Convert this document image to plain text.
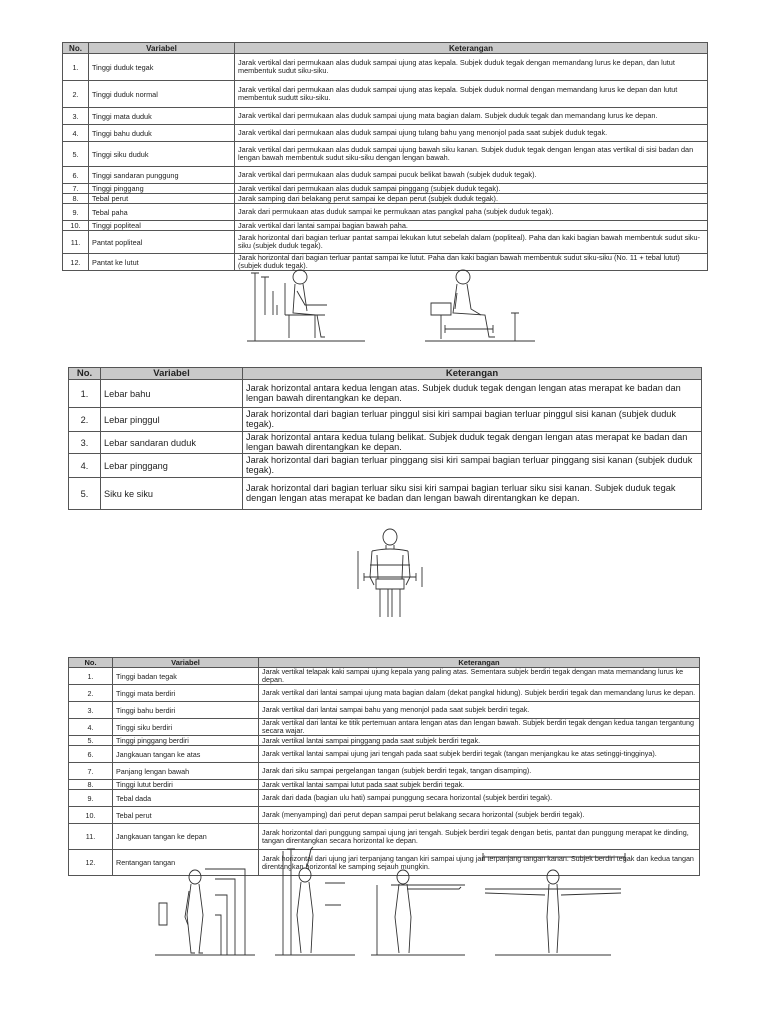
No.	Variabel	Keterangan
1.	Tinggi duduk tegak	Jarak vertikal dari permukaan alas duduk sampai ujung atas kepala. Subjek duduk tegak dengan memandang lurus ke depan, dan lutut membentuk sudut siku-siku.
2.	Tinggi duduk normal	Jarak vertikal dari permukaan alas duduk sampai ujung atas kepala. Subjek duduk normal dengan memandang lurus ke depan dan lutut membentuk sudutt siku-siku.
3.	Tinggi mata duduk	Jarak vertikal dari permukaan alas duduk sampai ujung mata bagian dalam. Subjek duduk tegak dan memandang lurus ke depan.
4.	Tinggi bahu duduk	Jarak vertikal dari permukaan alas duduk sampai ujung tulang bahu yang menonjol pada saat subjek duduk tegak.
5.	Tinggi siku duduk	Jarak vertikal dari permukaan alas duduk sampai ujung bawah siku kanan. Subjek duduk tegak dengan lengan atas vertikal di sisi badan dan lengan bawah membentuk sudut siku-siku dengan lengan bawah.
6.	Tinggi sandaran punggung	Jarak vertikal dari permukaan alas duduk sampai pucuk belikat bawah (subjek duduk tegak).
7.	Tinggi pinggang	Jarak vertikal dari permukaan alas duduk sampai pinggang (subjek duduk tegak).
8.	Tebal perut	Jarak samping dari belakang perut sampai ke depan perut (subjek duduk tegak).
9.	Tebal paha	Jarak dari permukaan atas duduk sampai ke permukaan atas pangkal paha (subjek duduk tegak).
10.	Tinggi popliteal	Jarak vertikal dari lantai sampai bagian bawah paha.
11.	Pantat popliteal	Jarak horizontal dari bagian terluar pantat sampai lekukan lutut sebelah dalam (popliteal). Paha dan kaki bagian bawah membentuk sudut siku-siku (subjek duduk tegak).
12.	Pantat ke lutut	Jarak horizontal dari bagian terluar pantat sampai ke lutut. Paha dan kaki bagian bawah membentuk sudut siku-siku (No. 11 + tebal lutut) (subjek duduk tegak).
No.	Variabel	Keterangan
1.	Lebar bahu	Jarak horizontal antara kedua lengan atas. Subjek duduk tegak dengan lengan atas merapat ke badan dan lengan bawah direntangkan ke depan.
2.	Lebar pinggul	Jarak horizontal dari bagian terluar pinggul sisi kiri sampai bagian terluar pinggul sisi kanan (subjek duduk tegak).
3.	Lebar sandaran duduk	Jarak horizontal antara kedua tulang belikat. Subjek duduk tegak dengan lengan atas merapat ke badan dan lengan bawah direntangkan ke depan.
4.	Lebar pinggang	Jarak horizontal dari bagian terluar pinggang sisi kiri sampai bagian terluar pinggang sisi kanan (subjek duduk tegak).
5.	Siku ke siku	Jarak horizontal dari bagian terluar siku sisi kiri sampai bagian terluar siku sisi kanan. Subjek duduk tegak dengan lengan atas merapat ke badan dan lengan bawah direntangkan ke depan.
No.	Variabel	Keterangan
1.	Tinggi badan tegak	Jarak vertikal telapak kaki sampai ujung kepala yang paling atas. Sementara subjek berdiri tegak dengan mata memandang lurus ke depan.
2.	Tinggi mata berdiri	Jarak vertikal dari lantai sampai ujung mata bagian dalam (dekat pangkal hidung). Subjek berdiri tegak dan memandang lurus ke depan.
3.	Tinggi bahu berdiri	Jarak vertikal dari lantai sampai bahu yang menonjol pada saat subjek berdiri tegak.
4.	Tinggi siku berdiri	Jarak vertikal dari lantai ke titik pertemuan antara lengan atas dan lengan bawah. Subjek berdiri tegak dengan kedua tangan tergantung secara wajar.
5.	Tinggi pinggang berdiri	Jarak vertikal lantai sampai pinggang pada saat subjek berdiri tegak.
6.	Jangkauan tangan ke atas	Jarak vertikal lantai sampai ujung jari tengah pada saat subjek berdiri tegak (tangan menjangkau ke atas setinggi-tingginya).
7.	Panjang lengan bawah	Jarak dari siku sampai pergelangan tangan (subjek berdiri tegak, tangan disamping).
8.	Tinggi lutut berdiri	Jarak vertikal lantai sampai lutut pada saat subjek berdiri tegak.
9.	Tebal dada	Jarak dari dada (bagian ulu hati) sampai punggung secara horizontal (subjek berdiri tegak).
10.	Tebal perut	Jarak (menyamping) dari perut depan sampai perut belakang secara horizontal (subjek berdiri tegak).
11.	Jangkauan tangan ke depan	Jarak horizontal dari punggung sampai ujung jari tengah. Subjek berdiri tegak dengan betis, pantat dan punggung merapat ke dinding, tangan direntangkan secara horizontal ke depan.
12.	Rentangan tangan	Jarak horizontal dari ujung jari terpanjang tangan kiri sampai ujung jari terpanjang tangan kanan. Subjek berdiri tegak dan kedua tangan direntangkan horizontal ke samping sejauh mungkin.
